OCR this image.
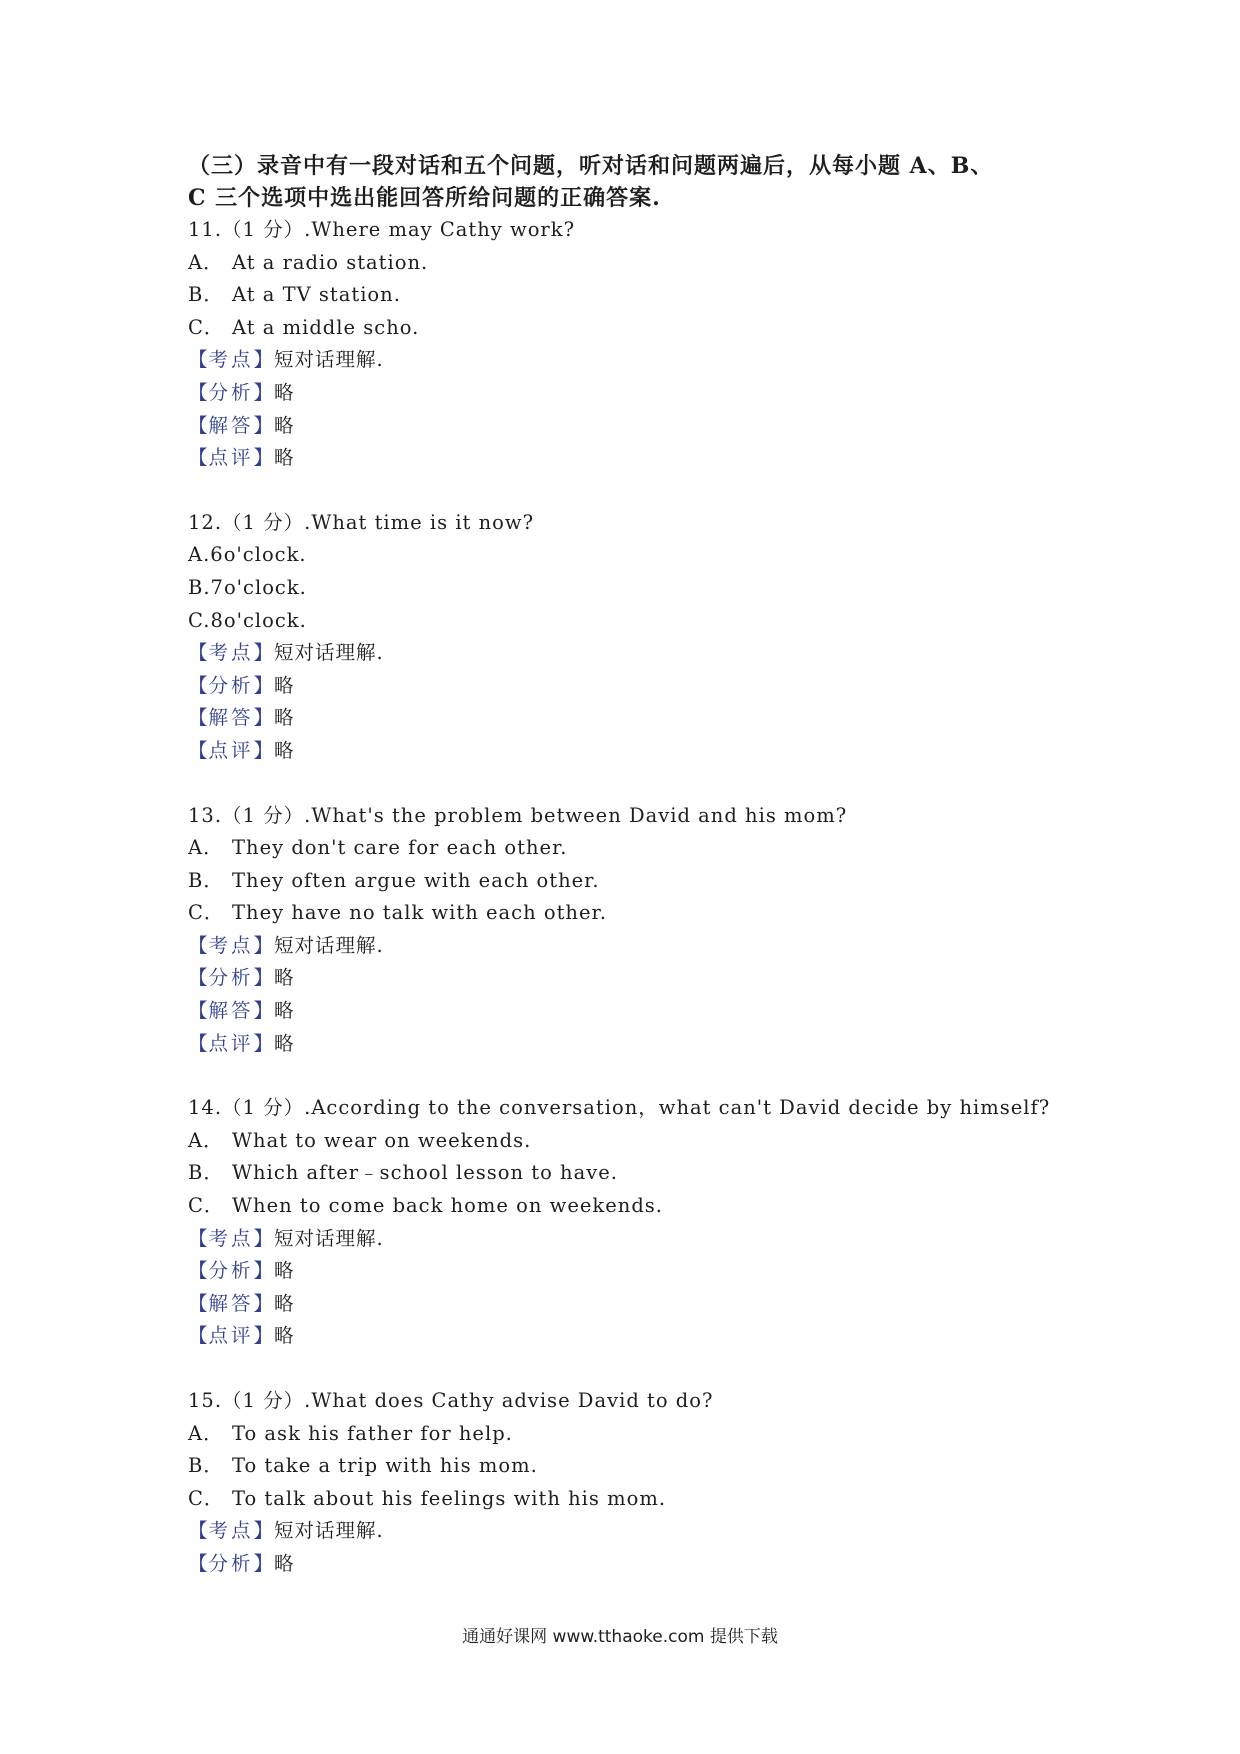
（三）录音中有一段对话和五个问题，听对话和问题两遍后，从每小题 A、B、
C 三个选项中选出能回答所给问题的正确答案.
11.（1 分）.Where may Cathy work?
A． At a radio station.
B． At a TV station.
C． At a middle scho.
【考点】短对话理解.
【分析】略
【解答】略
【点评】略
12.（1 分）.What time is it now?
A.6o'clock.
B.7o'clock.
C.8o'clock.
【考点】短对话理解.
【分析】略
【解答】略
【点评】略
13.（1 分）.What's the problem between David and his mom?
A． They don't care for each other.
B． They often argue with each other.
C． They have no talk with each other.
【考点】短对话理解.
【分析】略
【解答】略
【点评】略
14.（1 分）.According to the conversation，what can't David decide by himself?
A． What to wear on weekends.
B． Which after﹣school lesson to have.
C． When to come back home on weekends.
【考点】短对话理解.
【分析】略
【解答】略
【点评】略
15.（1 分）.What does Cathy advise David to do?
A． To ask his father for help.
B． To take a trip with his mom.
C． To talk about his feelings with his mom.
【考点】短对话理解.
【分析】略
通通好课网 www.tthaoke.com 提供下载
